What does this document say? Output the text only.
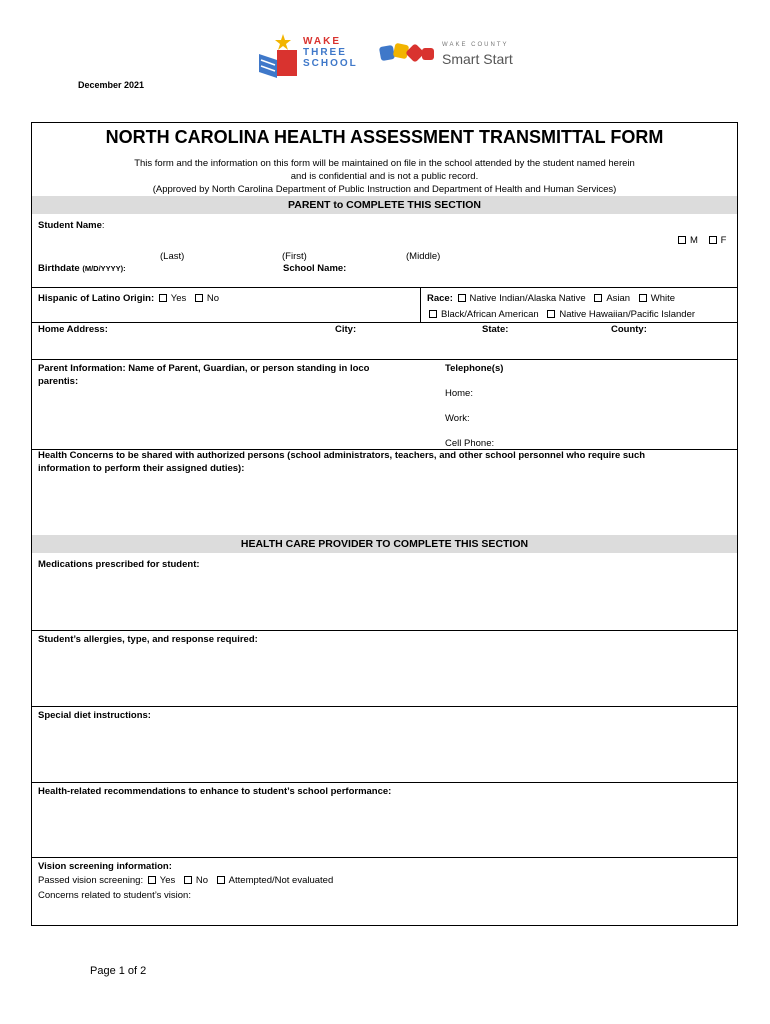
WAKE
THREE
SCHOOL
WAKE COUNTY
Smart Start
December 2021
NORTH CAROLINA HEALTH ASSESSMENT TRANSMITTAL FORM
This form and the information on this form will be maintained on file in the school attended by the student named herein
and is confidential and is not a public record.
(Approved by North Carolina Department of Public Instruction and Department of Health and Human Services)
PARENT to COMPLETE THIS SECTION
Student Name:
M F
(Last)	(First)	(Middle)
Birthdate (M/D/YYYY):	School Name:
Hispanic of Latino Origin: Yes No	Race: Native Indian/Alaska Native Asian White
Black/African American Native Hawaiian/Pacific Islander
Home Address:	City:	State:	County:
Parent Information: Name of Parent, Guardian, or person standing in loco
parentis:
Telephone(s)
Home:
Work:
Cell Phone:
Health Concerns to be shared with authorized persons (school administrators, teachers, and other school personnel who require such
information to perform their assigned duties):
HEALTH CARE PROVIDER TO COMPLETE THIS SECTION
Medications prescribed for student:
Student’s allergies, type, and response required:
Special diet instructions:
Health-related recommendations to enhance to student’s school performance:
Vision screening information:
Passed vision screening: Yes No Attempted/Not evaluated
Concerns related to student’s vision:
Page 1 of 2
